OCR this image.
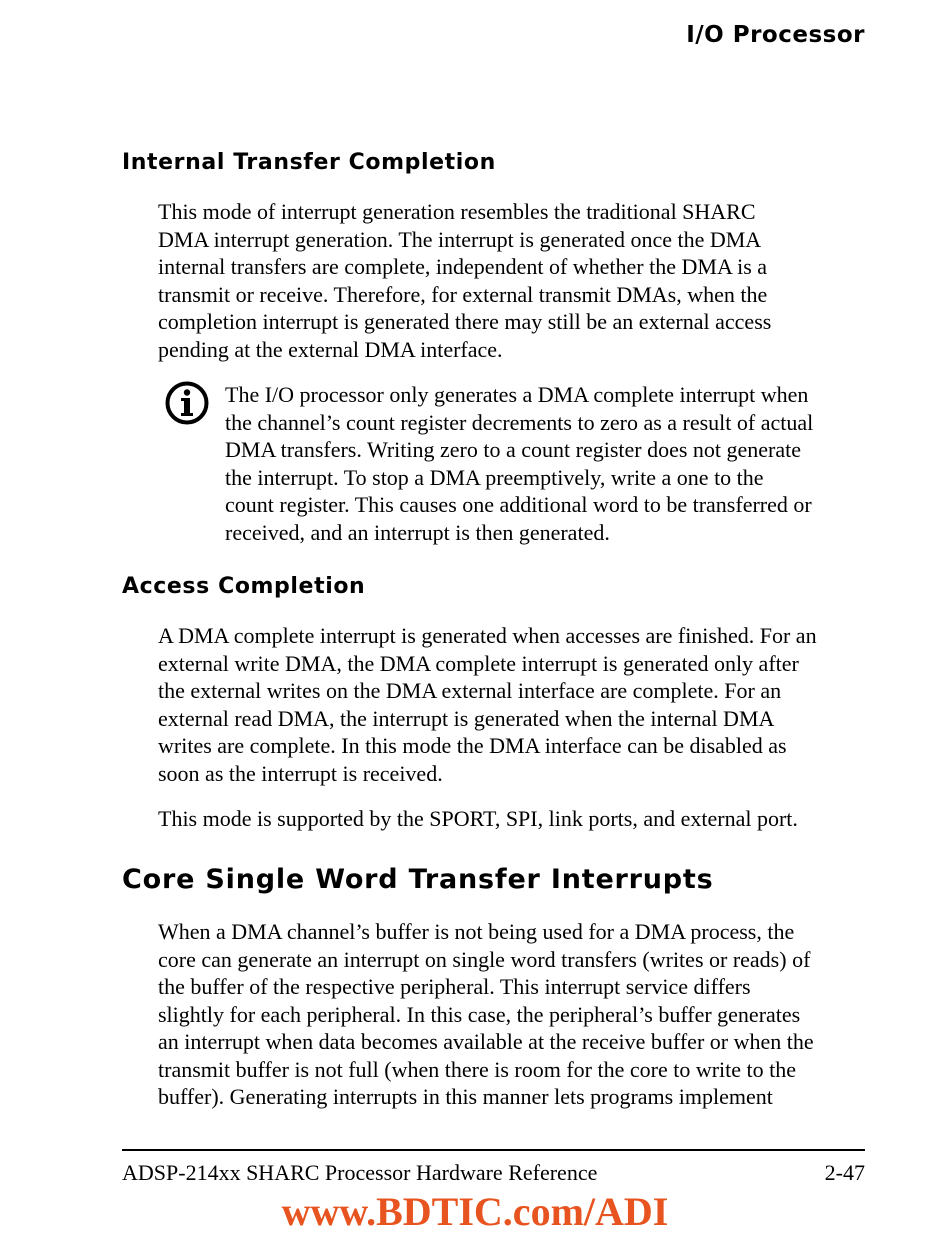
I/O Processor
Internal Transfer Completion
This mode of interrupt generation resembles the traditional SHARC
DMA interrupt generation. The interrupt is generated once the DMA
internal transfers are complete, independent of whether the DMA is a
transmit or receive. Therefore, for external transmit DMAs, when the
completion interrupt is generated there may still be an external access
pending at the external DMA interface.
The I/O processor only generates a DMA complete interrupt when
the channel’s count register decrements to zero as a result of actual
DMA transfers. Writing zero to a count register does not generate
the interrupt. To stop a DMA preemptively, write a one to the
count register. This causes one additional word to be transferred or
received, and an interrupt is then generated.
Access Completion
A DMA complete interrupt is generated when accesses are finished. For an
external write DMA, the DMA complete interrupt is generated only after
the external writes on the DMA external interface are complete. For an
external read DMA, the interrupt is generated when the internal DMA
writes are complete. In this mode the DMA interface can be disabled as
soon as the interrupt is received.
This mode is supported by the SPORT, SPI, link ports, and external port.
Core Single Word Transfer Interrupts
When a DMA channel’s buffer is not being used for a DMA process, the
core can generate an interrupt on single word transfers (writes or reads) of
the buffer of the respective peripheral. This interrupt service differs
slightly for each peripheral. In this case, the peripheral’s buffer generates
an interrupt when data becomes available at the receive buffer or when the
transmit buffer is not full (when there is room for the core to write to the
buffer). Generating interrupts in this manner lets programs implement
ADSP-214xx SHARC Processor Hardware Reference	2-47
www.BDTIC.com/ADI
